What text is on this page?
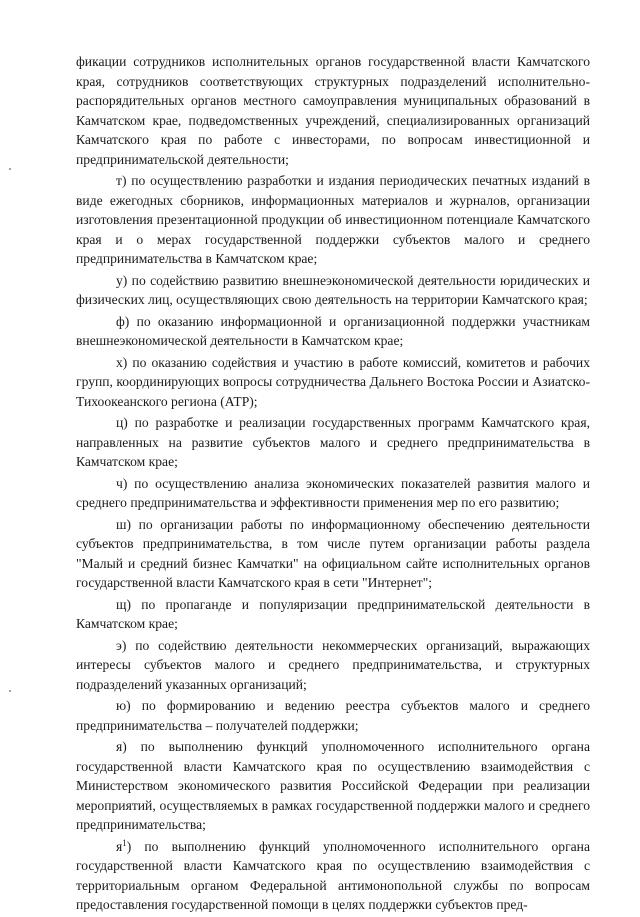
фикации сотрудников исполнительных органов государственной власти Камчатского края, сотрудников соответствующих структурных подразделений исполнительно-распорядительных органов местного самоуправления муниципальных образований в Камчатском крае, подведомственных учреждений, специализированных организаций Камчатского края по работе с инвесторами, по вопросам инвестиционной и предпринимательской деятельности;

т) по осуществлению разработки и издания периодических печатных изданий в виде ежегодных сборников, информационных материалов и журналов, организации изготовления презентационной продукции об инвестиционном потенциале Камчатского края и о мерах государственной поддержки субъектов малого и среднего предпринимательства в Камчатском крае;

у) по содействию развитию внешнеэкономической деятельности юридических и физических лиц, осуществляющих свою деятельность на территории Камчатского края;

ф) по оказанию информационной и организационной поддержки участникам внешнеэкономической деятельности в Камчатском крае;

х) по оказанию содействия и участию в работе комиссий, комитетов и рабочих групп, координирующих вопросы сотрудничества Дальнего Востока России и Азиатско-Тихоокеанского региона (АТР);

ц) по разработке и реализации государственных программ Камчатского края, направленных на развитие субъектов малого и среднего предпринимательства в Камчатском крае;

ч) по осуществлению анализа экономических показателей развития малого и среднего предпринимательства и эффективности применения мер по его развитию;

ш) по организации работы по информационному обеспечению деятельности субъектов предпринимательства, в том числе путем организации работы раздела "Малый и средний бизнес Камчатки" на официальном сайте исполнительных органов государственной власти Камчатского края в сети "Интернет";

щ) по пропаганде и популяризации предпринимательской деятельности в Камчатском крае;

э) по содействию деятельности некоммерческих организаций, выражающих интересы субъектов малого и среднего предпринимательства, и структурных подразделений указанных организаций;

ю) по формированию и ведению реестра субъектов малого и среднего предпринимательства – получателей поддержки;

я) по выполнению функций уполномоченного исполнительного органа государственной власти Камчатского края по осуществлению взаимодействия с Министерством экономического развития Российской Федерации при реализации мероприятий, осуществляемых в рамках государственной поддержки малого и среднего предпринимательства;

$я^1$) по выполнению функций уполномоченного исполнительного органа государственной власти Камчатского края по осуществлению взаимодействия с территориальным органом Федеральной антимонопольной службы по вопросам предоставления государственной помощи в целях поддержки субъектов пред-
